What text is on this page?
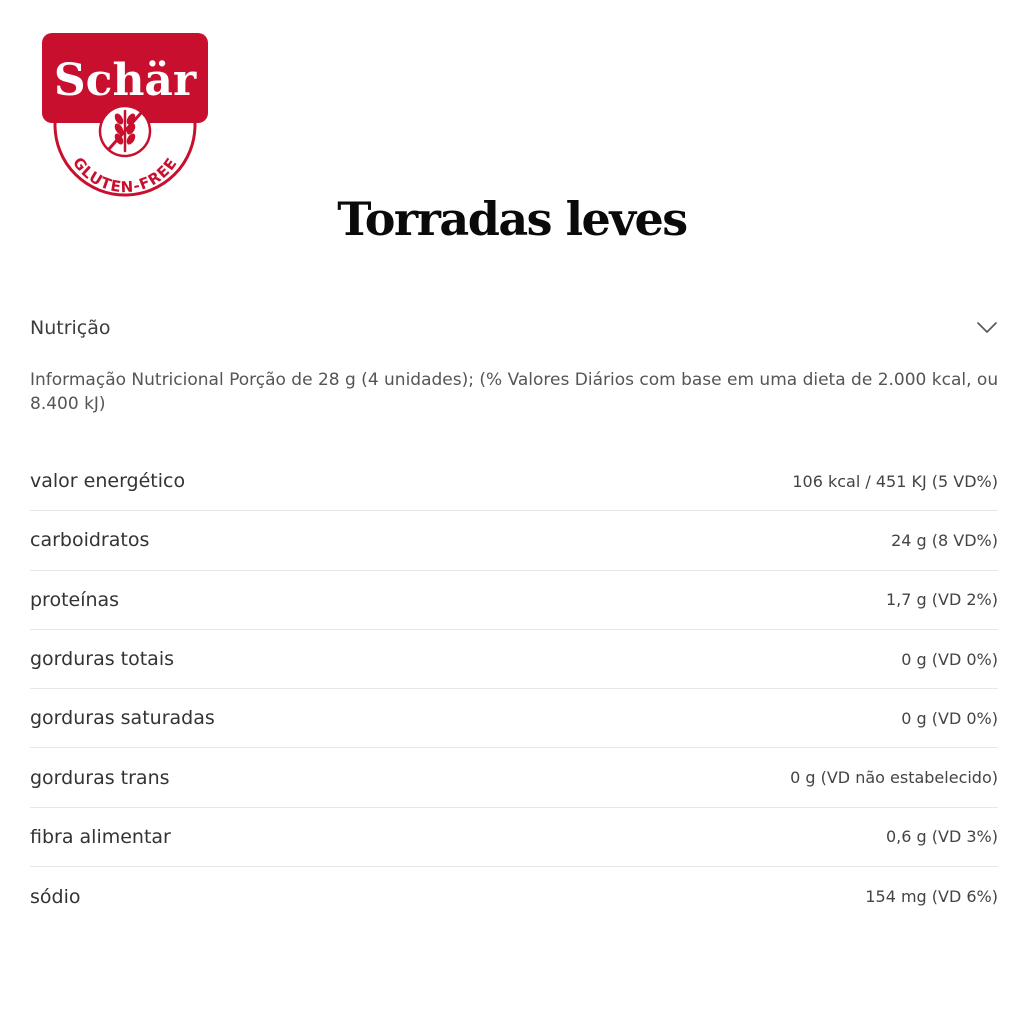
Schär
GLUTEN-FREE
Torradas leves
Nutrição

Informação Nutricional Porção de 28 g (4 unidades); (% Valores Diários com base em uma dieta de 2.000 kcal, ou 8.400 kJ)

valor energético	106 kcal / 451 KJ (5 VD%)
carboidratos	24 g (8 VD%)
proteínas	1,7 g (VD 2%)
gorduras totais	0 g (VD 0%)
gorduras saturadas	0 g (VD 0%)
gorduras trans	0 g (VD não estabelecido)
fibra alimentar	0,6 g (VD 3%)
sódio	154 mg (VD 6%)
